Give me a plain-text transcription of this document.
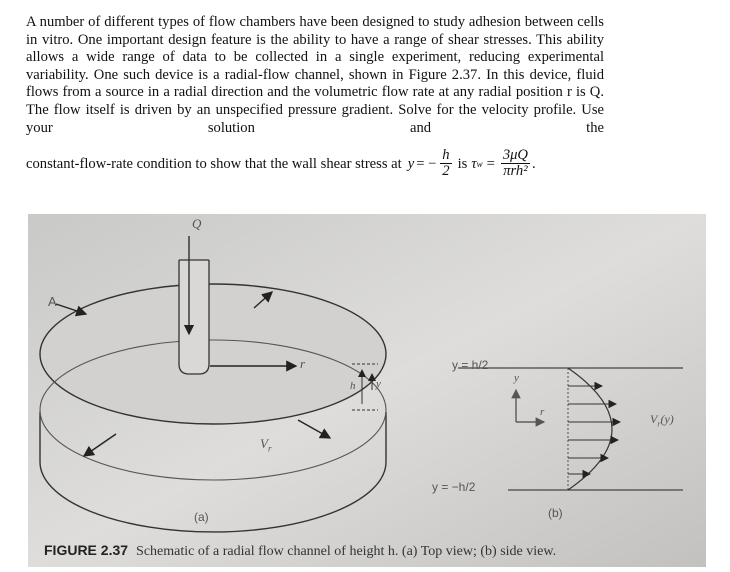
A number of different types of flow chambers have been designed to study adhesion between cells in vitro. One important design feature is the ability to have a range of shear stresses. This ability allows a wide range of data to be collected in a single experiment, reducing experimental variability. One such device is a radial-flow channel, shown in Figure 2.37. In this device, fluid flows from a source in a radial direction and the volumetric flow rate at any radial position r is Q. The flow itself is driven by an unspecified pressure gradient. Solve for the velocity profile. Use your solution and the

constant-flow-rate condition to show that the wall shear stress at y = − $\frac{h}{2}$ is τ $w = \frac{3\mu Q}{\text{πrh²}}$ .
Q
A
r
$V_r$
h y
y = h/2
y
r
y = −h/2
$V_r(y)$
(a)	(b)
FIGURE 2.37 Schematic of a radial flow channel of height h. (a) Top view; (b) side view.
